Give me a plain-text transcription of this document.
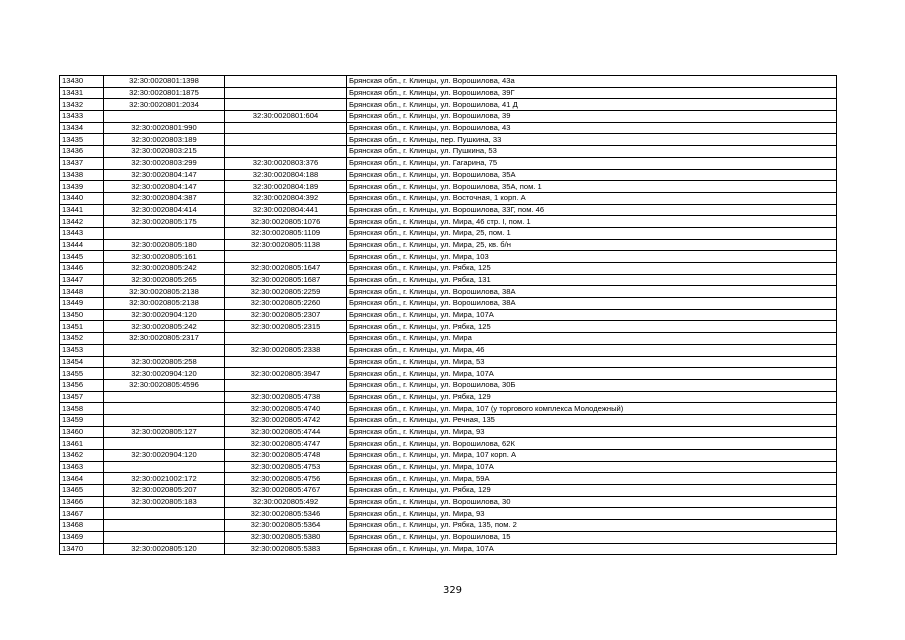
13430	32:30:0020801:1398		Брянская обл., г. Клинцы, ул. Ворошилова, 43а
13431	32:30:0020801:1875		Брянская обл., г. Клинцы, ул. Ворошилова, 39Г
13432	32:30:0020801:2034		Брянская обл., г. Клинцы, ул. Ворошилова, 41 Д
13433		32:30:0020801:604	Брянская обл., г. Клинцы, ул. Ворошилова, 39
13434	32:30:0020801:990		Брянская обл., г. Клинцы, ул. Ворошилова, 43
13435	32:30:0020803:189		Брянская обл., г. Клинцы, пер. Пушкина, 33
13436	32:30:0020803:215		Брянская обл., г. Клинцы, ул. Пушкина, 53
13437	32:30:0020803:299	32:30:0020803:376	Брянская обл., г. Клинцы, ул. Гагарина, 75
13438	32:30:0020804:147	32:30:0020804:188	Брянская обл., г. Клинцы, ул. Ворошилова, 35А
13439	32:30:0020804:147	32:30:0020804:189	Брянская обл., г. Клинцы, ул. Ворошилова, 35А, пом. 1
13440	32:30:0020804:387	32:30:0020804:392	Брянская обл., г. Клинцы, ул. Восточная, 1 корп. А
13441	32:30:0020804:414	32:30:0020804:441	Брянская обл., г. Клинцы, ул. Ворошилова, 33Г, пом. 46
13442	32:30:0020805:175	32:30:0020805:1076	Брянская обл., г. Клинцы, ул. Мира, 46 стр. I, пом. 1
13443		32:30:0020805:1109	Брянская обл., г. Клинцы, ул. Мира, 25, пом. 1
13444	32:30:0020805:180	32:30:0020805:1138	Брянская обл., г. Клинцы, ул. Мира, 25, кв. б/н
13445	32:30:0020805:161		Брянская обл., г. Клинцы, ул. Мира, 103
13446	32:30:0020805:242	32:30:0020805:1647	Брянская обл., г. Клинцы, ул. Рябка, 125
13447	32:30:0020805:265	32:30:0020805:1687	Брянская обл., г. Клинцы, ул. Рябка, 131
13448	32:30:0020805:2138	32:30:0020805:2259	Брянская обл., г. Клинцы, ул. Ворошилова, 38А
13449	32:30:0020805:2138	32:30:0020805:2260	Брянская обл., г. Клинцы, ул. Ворошилова, 38А
13450	32:30:0020904:120	32:30:0020805:2307	Брянская обл., г. Клинцы, ул. Мира, 107А
13451	32:30:0020805:242	32:30:0020805:2315	Брянская обл., г. Клинцы, ул. Рябка, 125
13452	32:30:0020805:2317		Брянская обл., г. Клинцы, ул. Мира
13453		32:30:0020805:2338	Брянская обл., г. Клинцы, ул. Мира, 46
13454	32:30:0020805:258		Брянская обл., г. Клинцы, ул. Мира, 53
13455	32:30:0020904:120	32:30:0020805:3947	Брянская обл., г. Клинцы, ул. Мира, 107А
13456	32:30:0020805:4596		Брянская обл., г. Клинцы, ул. Ворошилова, 30Б
13457		32:30:0020805:4738	Брянская обл., г. Клинцы, ул. Рябка, 129
13458		32:30:0020805:4740	Брянская обл., г. Клинцы, ул. Мира, 107 (у торгового комплекса Молодежный)
13459		32:30:0020805:4742	Брянская обл., г. Клинцы, ул. Речная, 135
13460	32:30:0020805:127	32:30:0020805:4744	Брянская обл., г. Клинцы, ул. Мира, 93
13461		32:30:0020805:4747	Брянская обл., г. Клинцы, ул. Ворошилова, 62К
13462	32:30:0020904:120	32:30:0020805:4748	Брянская обл., г. Клинцы, ул. Мира, 107 корп. А
13463		32:30:0020805:4753	Брянская обл., г. Клинцы, ул. Мира, 107А
13464	32:30:0021002:172	32:30:0020805:4756	Брянская обл., г. Клинцы, ул. Мира, 59А
13465	32:30:0020805:207	32:30:0020805:4767	Брянская обл., г. Клинцы, ул. Рябка, 129
13466	32:30:0020805:183	32:30:0020805:492	Брянская обл., г. Клинцы, ул. Ворошилова, 30
13467		32:30:0020805:5346	Брянская обл., г. Клинцы, ул. Мира, 93
13468		32:30:0020805:5364	Брянская обл., г. Клинцы, ул. Рябка, 135, пом. 2
13469		32:30:0020805:5380	Брянская обл., г. Клинцы, ул. Ворошилова, 15
13470	32:30:0020805:120	32:30:0020805:5383	Брянская обл., г. Клинцы, ул. Мира, 107А
329
